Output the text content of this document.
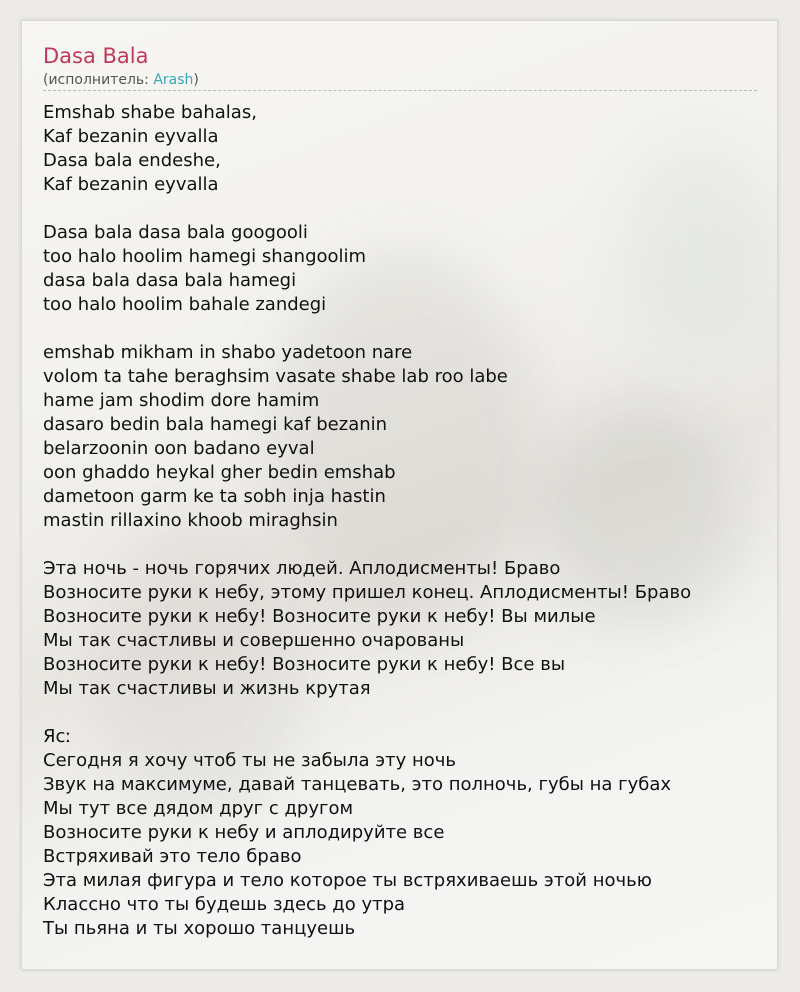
Dasa Bala
(исполнитель: Arash)
Emshab shabe bahalas,
Kaf bezanin eyvalla
Dasa bala endeshe,
Kaf bezanin eyvalla
Dasa bala dasa bala googooli
too halo hoolim hamegi shangoolim
dasa bala dasa bala hamegi
too halo hoolim bahale zandegi
emshab mikham in shabo yadetoon nare
volom ta tahe beraghsim vasate shabe lab roo labe
hame jam shodim dore hamim
dasaro bedin bala hamegi kaf bezanin
belarzoonin oon badano eyval
oon ghaddo heykal gher bedin emshab
dametoon garm ke ta sobh inja hastin
mastin rillaxino khoob miraghsin
Эта ночь - ночь горячих людей. Аплодисменты! Браво
Возносите руки к небу, этому пришел конец. Аплодисменты! Браво
Возносите руки к небу! Возносите руки к небу! Вы милые
Мы так счастливы и совершенно очарованы
Возносите руки к небу! Возносите руки к небу! Все вы
Мы так счастливы и жизнь крутая
Ясː
Сегодня я хочу чтоб ты не забыла эту ночь
Звук на максимуме, давай танцевать, это полночь, губы на губах
Мы тут все дядом друг с другом
Возносите руки к небу и аплодируйте все
Встряхивай это тело браво
Эта милая фигура и тело которое ты встряхиваешь этой ночью
Классно что ты будешь здесь до утра
Ты пьяна и ты хорошо танцуешь
